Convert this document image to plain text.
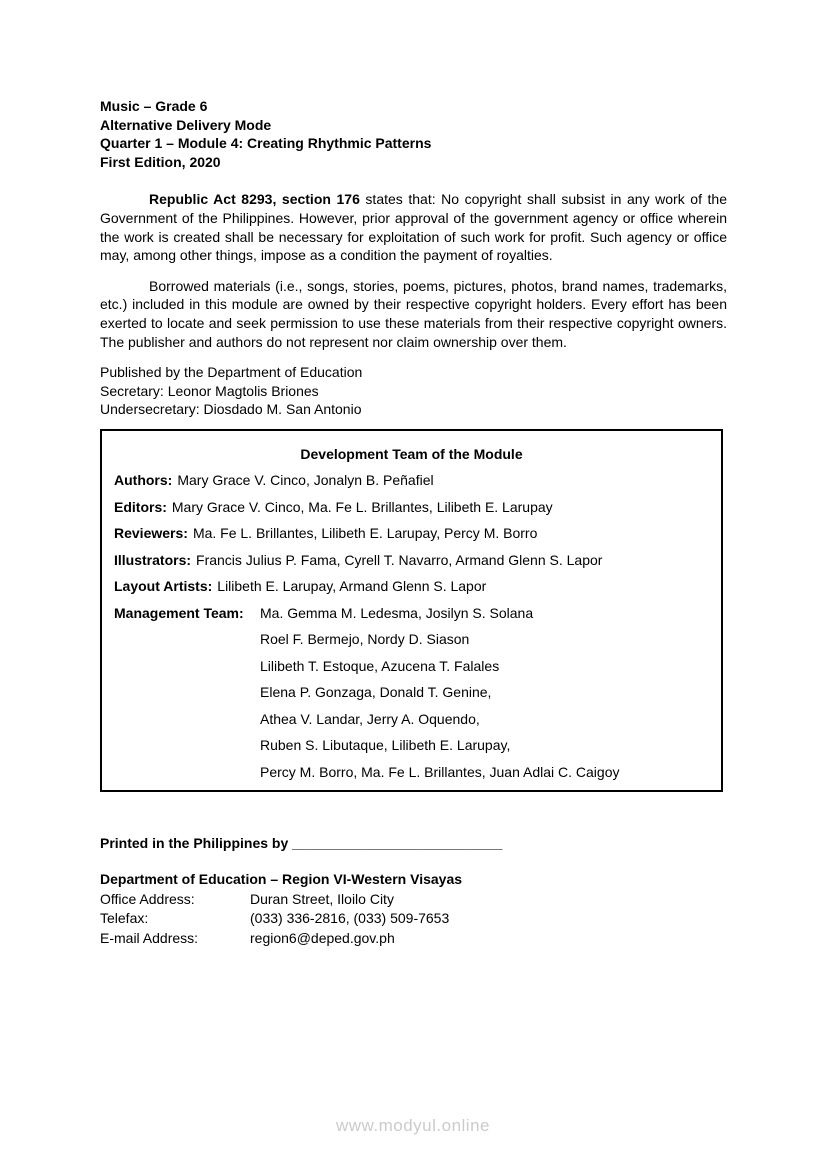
Music – Grade 6

Alternative Delivery Mode

Quarter 1 – Module 4: Creating Rhythmic Patterns

First Edition, 2020

Republic Act 8293, section 176 states that: No copyright shall subsist in any work of the Government of the Philippines. However, prior approval of the government agency or office wherein the work is created shall be necessary for exploitation of such work for profit. Such agency or office may, among other things, impose as a condition the payment of royalties.

Borrowed materials (i.e., songs, stories, poems, pictures, photos, brand names, trademarks, etc.) included in this module are owned by their respective copyright holders. Every effort has been exerted to locate and seek permission to use these materials from their respective copyright owners. The publisher and authors do not represent nor claim ownership over them.

Published by the Department of Education

Secretary: Leonor Magtolis Briones

Undersecretary: Diosdado M. San Antonio

Development Team of the Module

Authors: Mary Grace V. Cinco, Jonalyn B. Peñafiel

Editors: Mary Grace V. Cinco, Ma. Fe L. Brillantes, Lilibeth E. Larupay

Reviewers: Ma. Fe L. Brillantes, Lilibeth E. Larupay, Percy M. Borro

Illustrators: Francis Julius P. Fama, Cyrell T. Navarro, Armand Glenn S. Lapor

Layout Artists: Lilibeth E. Larupay, Armand Glenn S. Lapor

Management Team:	Ma. Gemma M. Ledesma, Josilyn S. Solana

Roel F. Bermejo, Nordy D. Siason

Lilibeth T. Estoque, Azucena T. Falales

Elena P. Gonzaga, Donald T. Genine,

Athea V. Landar, Jerry A. Oquendo,

Ruben S. Libutaque, Lilibeth E. Larupay,

Percy M. Borro, Ma. Fe L. Brillantes, Juan Adlai C. Caigoy

Printed in the Philippines by ___________________________

Department of Education – Region VI-Western Visayas

Office Address:	Duran Street, Iloilo City
Telefax:	(033) 336-2816, (033) 509-7653
E-mail Address:	region6@deped.gov.ph
www.modyul.online
